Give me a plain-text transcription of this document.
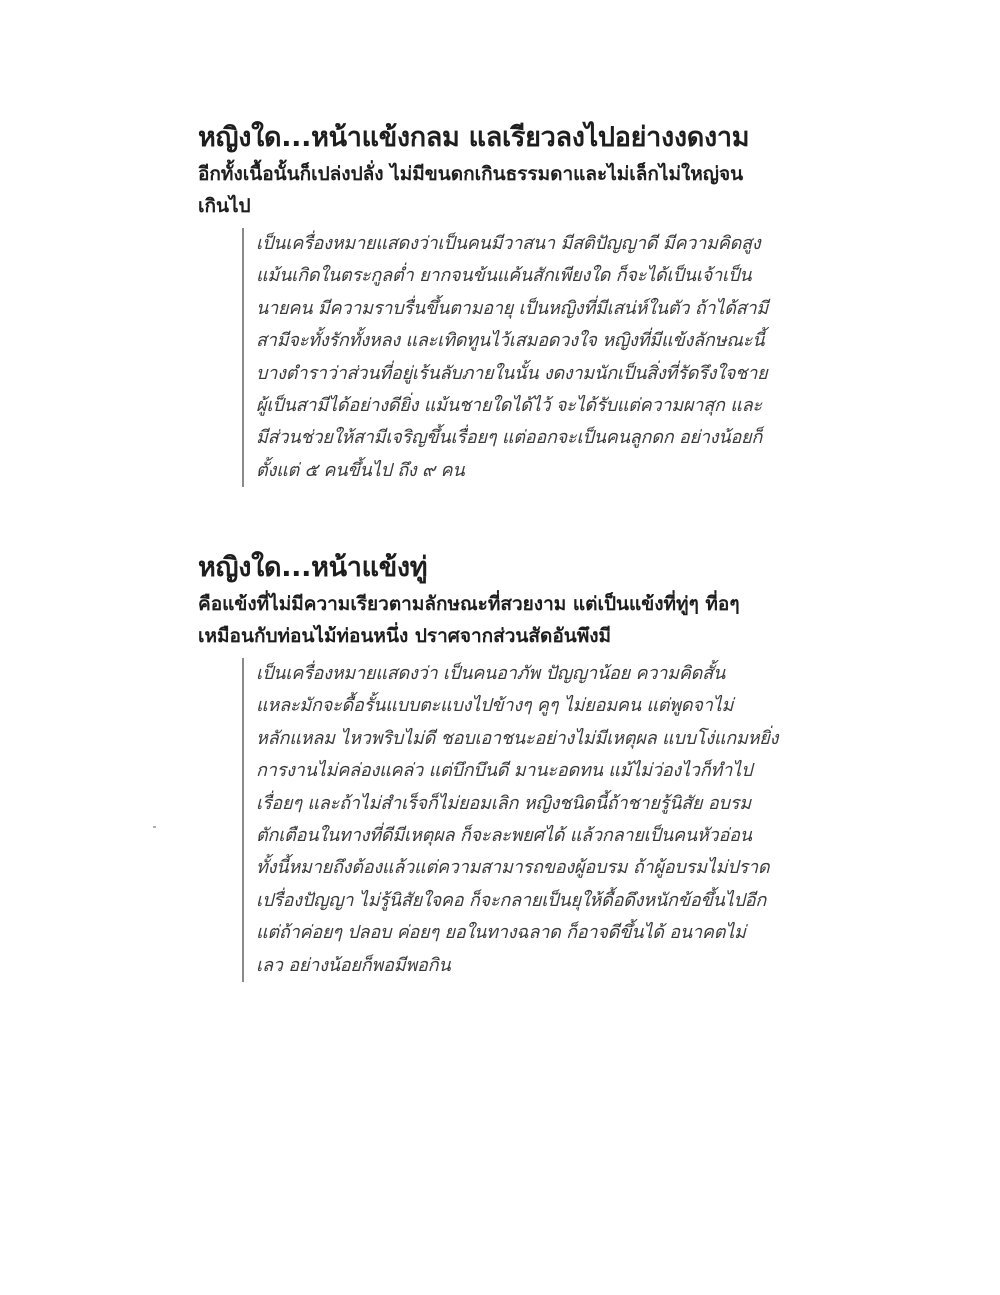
หญิงใด...หน้าแข้งกลม แลเรียวลงไปอย่างงดงาม
อีกทั้งเนื้อนั้นก็เปล่งปลั่ง ไม่มีขนดกเกินธรรมดาและไม่เล็กไม่ใหญ่จน
เกินไป
เป็นเครื่องหมายแสดงว่าเป็นคนมีวาสนา มีสติปัญญาดี มีความคิดสูง
แม้นเกิดในตระกูลต่ำ ยากจนข้นแค้นสักเพียงใด ก็จะได้เป็นเจ้าเป็น
นายคน มีความราบรื่นขึ้นตามอายุ เป็นหญิงที่มีเสน่ห์ในตัว ถ้าได้สามี
สามีจะทั้งรักทั้งหลง และเทิดทูนไว้เสมอดวงใจ หญิงที่มีแข้งลักษณะนี้
บางตำราว่าส่วนที่อยู่เร้นลับภายในนั้น งดงามนักเป็นสิ่งที่รัดรึงใจชาย
ผู้เป็นสามีได้อย่างดียิ่ง แม้นชายใดได้ไว้ จะได้รับแต่ความผาสุก และ
มีส่วนช่วยให้สามีเจริญขึ้นเรื่อยๆ แต่ออกจะเป็นคนลูกดก อย่างน้อยก็
ตั้งแต่ ๕ คนขึ้นไป ถึง ๙ คน
หญิงใด...หน้าแข้งทู่
คือแข้งที่ไม่มีความเรียวตามลักษณะที่สวยงาม แต่เป็นแข้งที่ทู่ๆ ที่อๆ
เหมือนกับท่อนไม้ท่อนหนึ่ง ปราศจากส่วนสัดอันพึงมี
เป็นเครื่องหมายแสดงว่า เป็นคนอาภัพ ปัญญาน้อย ความคิดสั้น
แหละมักจะดื้อรั้นแบบตะแบงไปข้างๆ คูๆ ไม่ยอมคน แต่พูดจาไม่
หลักแหลม ไหวพริบไม่ดี ชอบเอาชนะอย่างไม่มีเหตุผล แบบโง่แกมหยิ่ง
การงานไม่คล่องแคล่ว แต่บึกบึนดี มานะอดทน แม้ไม่ว่องไวก็ทำไป
เรื่อยๆ และถ้าไม่สำเร็จก็ไม่ยอมเลิก หญิงชนิดนี้ถ้าชายรู้นิสัย อบรม
ตักเตือนในทางที่ดีมีเหตุผล ก็จะละพยศได้ แล้วกลายเป็นคนหัวอ่อน
ทั้งนี้หมายถึงต้องแล้วแต่ความสามารถของผู้อบรม ถ้าผู้อบรมไม่ปราด
เปรื่องปัญญา ไม่รู้นิสัยใจคอ ก็จะกลายเป็นยุให้ดื้อดึงหนักข้อขึ้นไปอีก
แต่ถ้าค่อยๆ ปลอบ ค่อยๆ ยอในทางฉลาด ก็อาจดีขึ้นได้ อนาคตไม่
เลว อย่างน้อยก็พอมีพอกิน
